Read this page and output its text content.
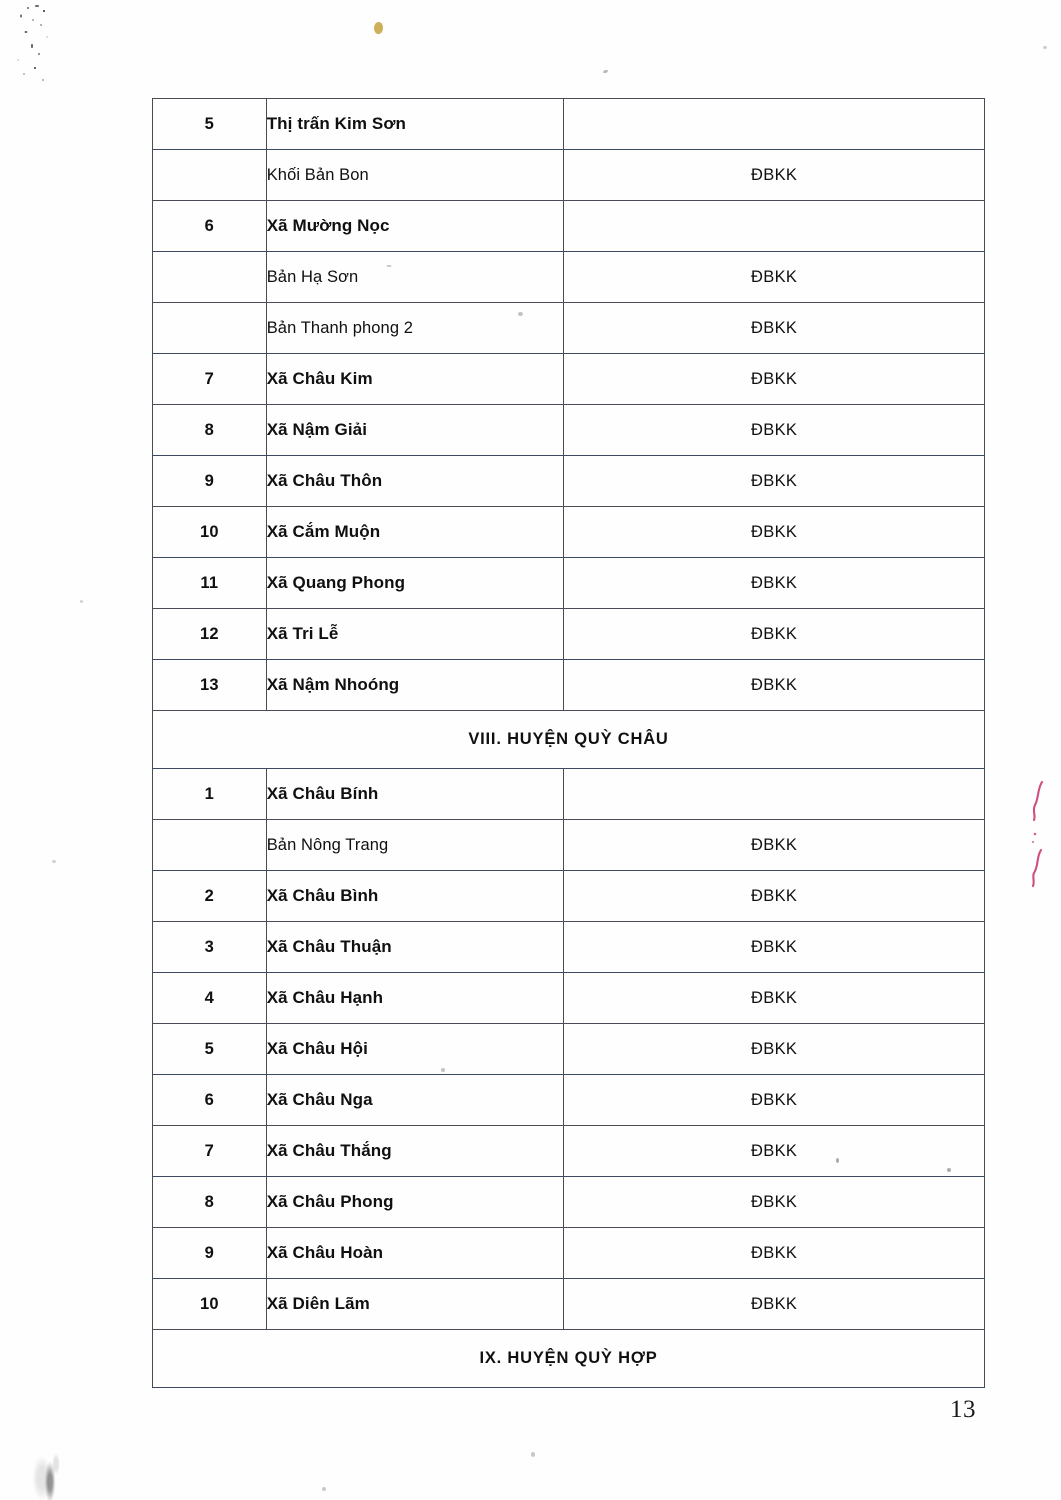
5	Thị trấn Kim Sơn	
	Khối Bản Bon	ĐBKK
6	Xã Mường Nọc	
	Bản Hạ Sơn	ĐBKK
	Bản Thanh phong 2	ĐBKK
7	Xã Châu Kim	ĐBKK
8	Xã Nậm Giải	ĐBKK
9	Xã Châu Thôn	ĐBKK
10	Xã Cắm Muộn	ĐBKK
11	Xã Quang Phong	ĐBKK
12	Xã Tri Lễ	ĐBKK
13	Xã Nậm Nhoóng	ĐBKK
VIII. HUYỆN QUỲ CHÂU		
1	Xã Châu Bính	
	Bản Nông Trang	ĐBKK
2	Xã Châu Bình	ĐBKK
3	Xã Châu Thuận	ĐBKK
4	Xã Châu Hạnh	ĐBKK
5	Xã Châu Hội	ĐBKK
6	Xã Châu Nga	ĐBKK
7	Xã Châu Thắng	ĐBKK
8	Xã Châu Phong	ĐBKK
9	Xã Châu Hoàn	ĐBKK
10	Xã Diên Lãm	ĐBKK
IX. HUYỆN QUỲ HỢP		
13
